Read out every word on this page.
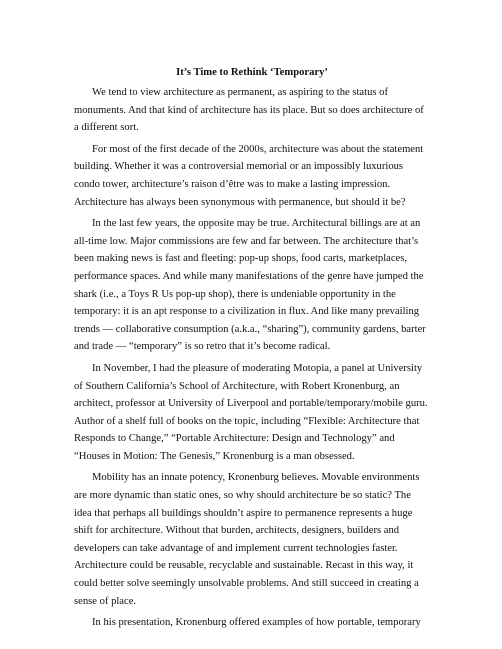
It’s Time to Rethink ‘Temporary’

We tend to view architecture as permanent, as aspiring to the status of monuments. And that kind of architecture has its place. But so does architecture of a different sort.

For most of the first decade of the 2000s, architecture was about the statement building. Whether it was a controversial memorial or an impossibly luxurious condo tower, architecture’s raison d’être was to make a lasting impression. Architecture has always been synonymous with permanence, but should it be?

In the last few years, the opposite may be true. Architectural billings are at an all-time low. Major commissions are few and far between. The architecture that’s been making news is fast and fleeting: pop-up shops, food carts, marketplaces, performance spaces. And while many manifestations of the genre have jumped the shark (i.e., a Toys R Us pop-up shop), there is undeniable opportunity in the temporary: it is an apt response to a civilization in flux. And like many prevailing trends — collaborative consumption (a.k.a., “sharing”), community gardens, barter and trade — “temporary” is so retro that it’s become radical.

In November, I had the pleasure of moderating Motopia, a panel at University of Southern California’s School of Architecture, with Robert Kronenburg, an architect, professor at University of Liverpool and portable/temporary/mobile guru. Author of a shelf full of books on the topic, including “Flexible: Architecture that Responds to Change,” “Portable Architecture: Design and Technology” and “Houses in Motion: The Genesis,” Kronenburg is a man obsessed.

Mobility has an innate potency, Kronenburg believes. Movable environments are more dynamic than static ones, so why should architecture be so static? The idea that perhaps all buildings shouldn’t aspire to permanence represents a huge shift for architecture. Without that burden, architects, designers, builders and developers can take advantage of and implement current technologies faster. Architecture could be reusable, recyclable and sustainable. Recast in this way, it could better solve seemingly unsolvable problems. And still succeed in creating a sense of place.

In his presentation, Kronenburg offered examples of how portable, temporary
